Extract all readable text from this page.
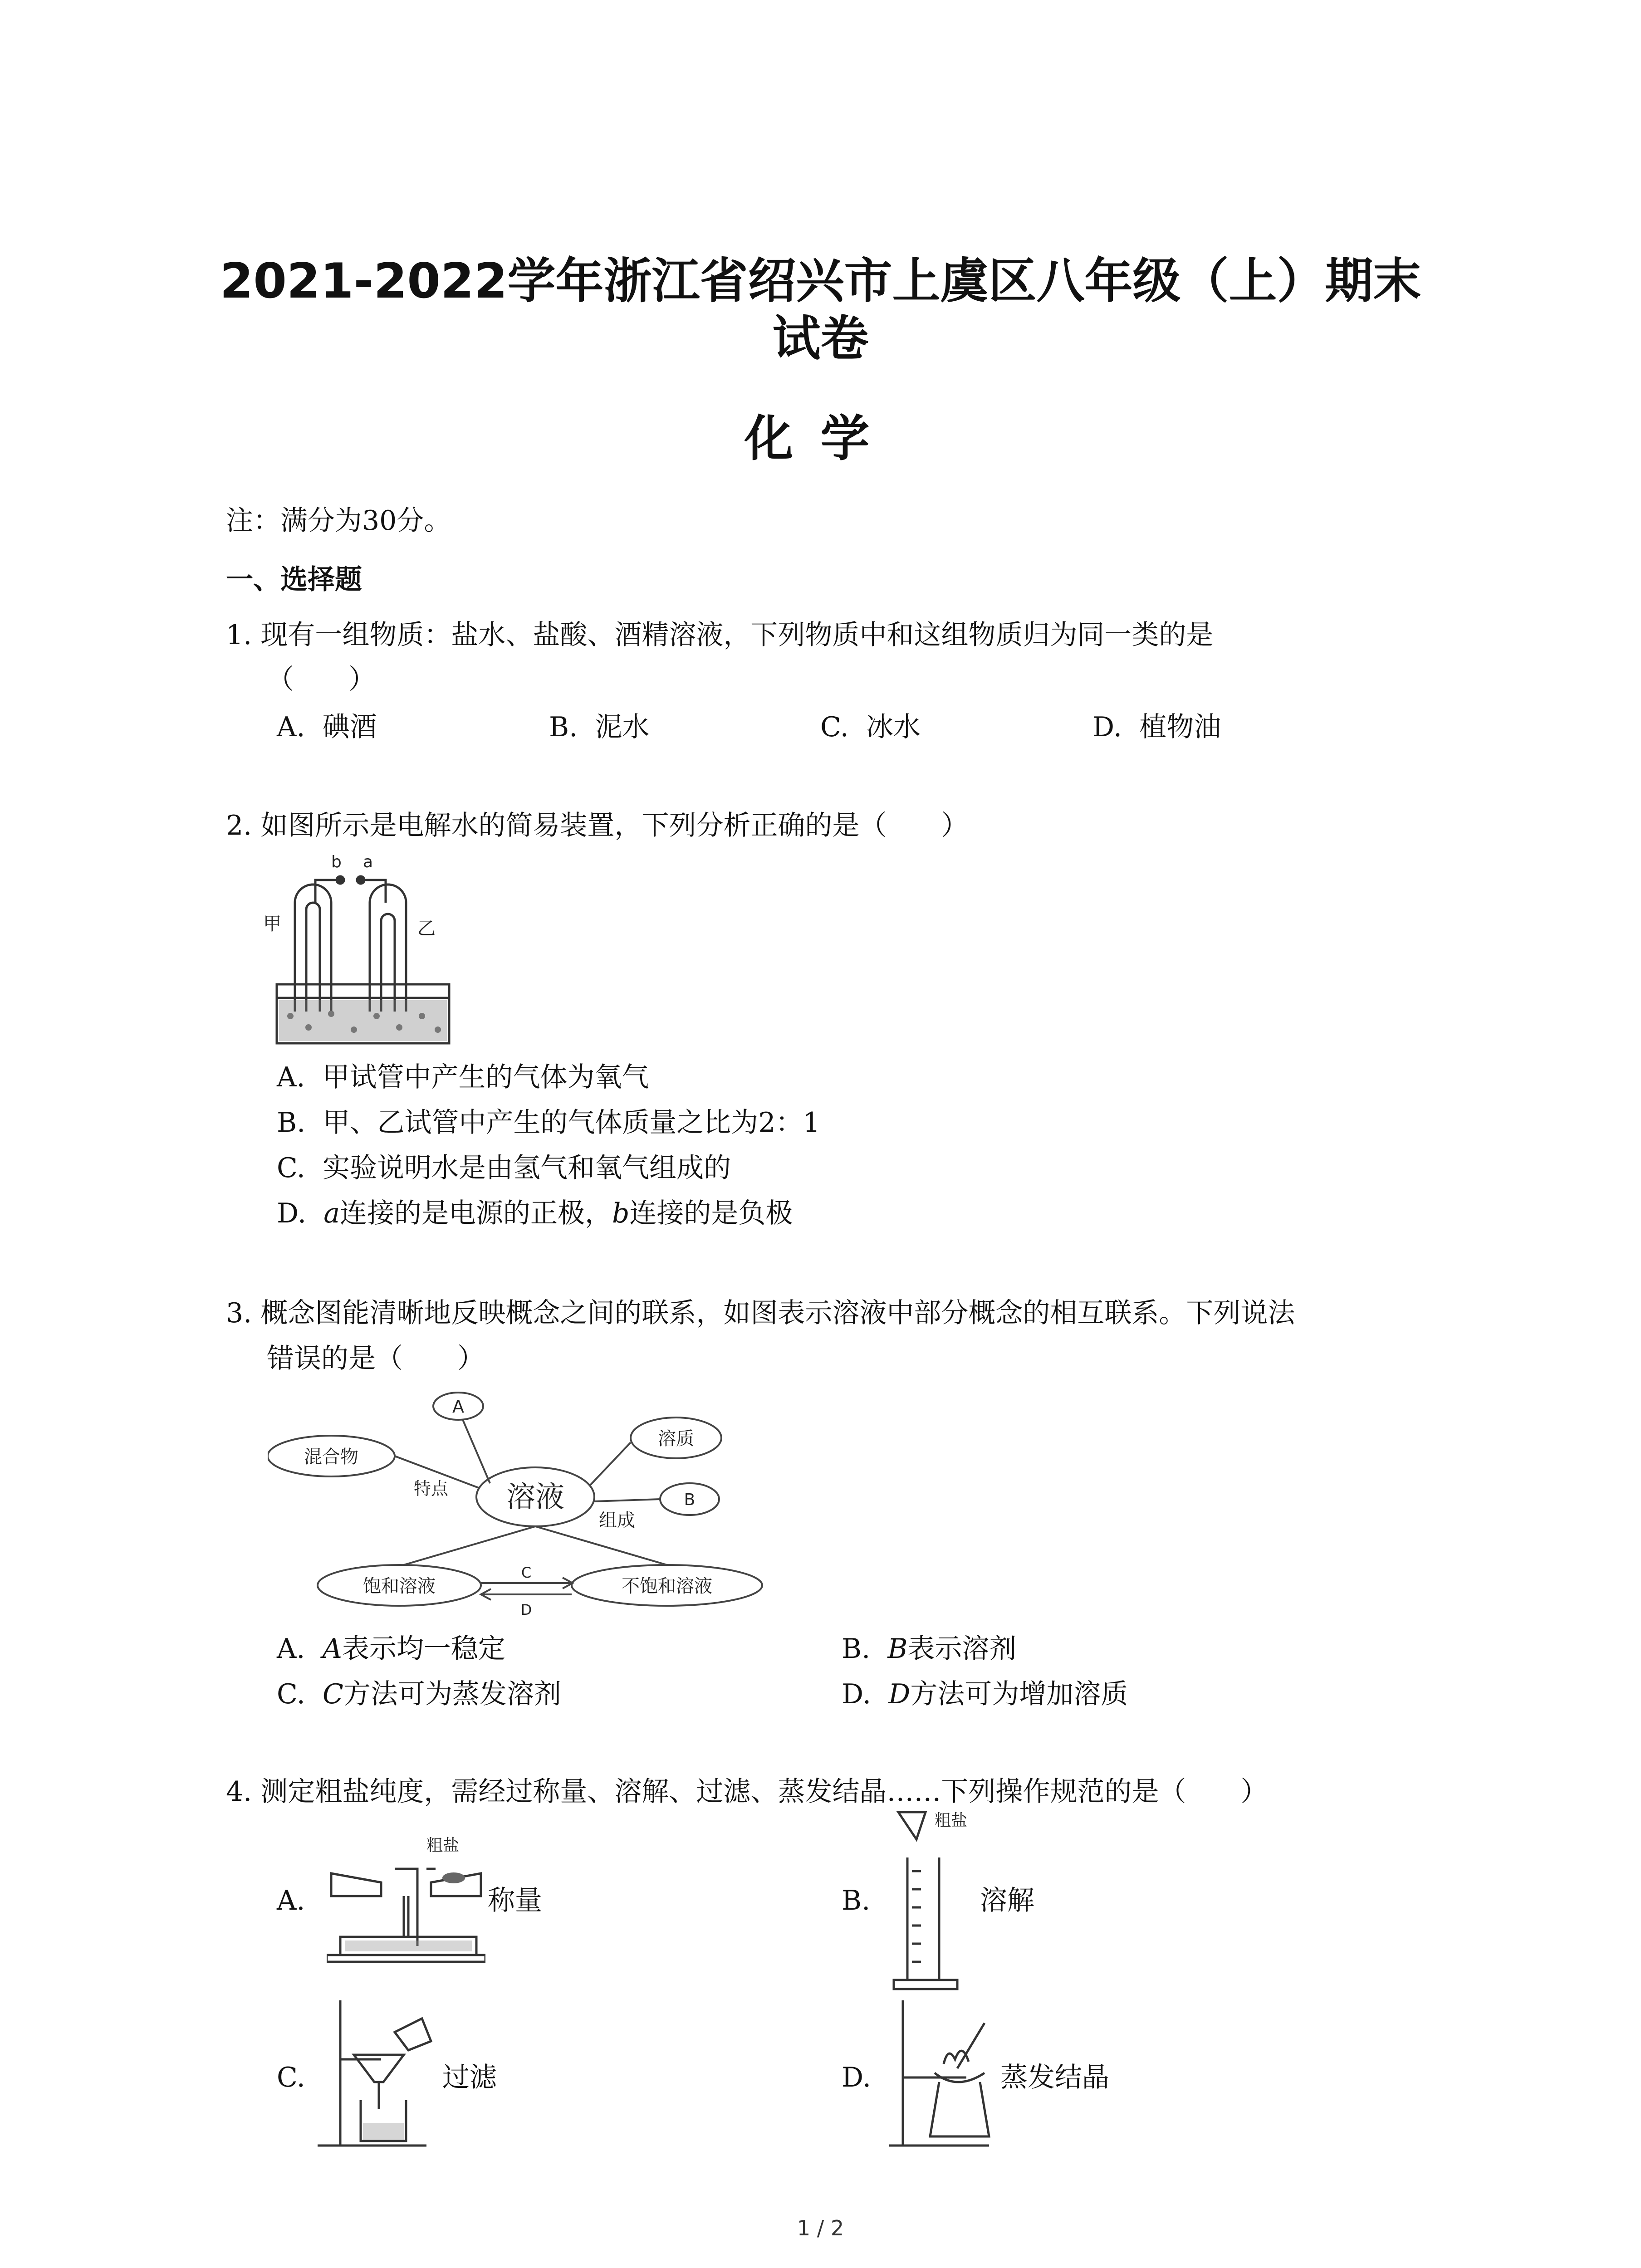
2021-2022学年浙江省绍兴市上虞区八年级（上）期末
试卷
化学
注：满分为30分。
一、选择题
1. 现有一组物质：盐水、盐酸、酒精溶液，下列物质中和这组物质归为同一类的是
（　　）
A. 碘酒	B. 泥水	C. 冰水	D. 植物油
2. 如图所示是电解水的简易装置，下列分析正确的是（　　）
b a
甲	乙
A. 甲试管中产生的气体为氧气
B. 甲、乙试管中产生的气体质量之比为2：1
C. 实验说明水是由氢气和氧气组成的
D. a连接的是电源的正极，b连接的是负极
3. 概念图能清晰地反映概念之间的联系，如图表示溶液中部分概念的相互联系。下列说法
错误的是（　　）
A
混合物
特点 溶液
溶质
组成
B
饱和溶液	不饱和溶液
C
D
A. A表示均一稳定	B. B表示溶剂
C. C方法可为蒸发溶剂	D. D方法可为增加溶质
4. 测定粗盐纯度，需经过称量、溶解、过滤、蒸发结晶……下列操作规范的是（　　）
A.
粗盐
称量	B.
粗盐
溶解
C.	过滤	D.	蒸发结晶
1 / 2
